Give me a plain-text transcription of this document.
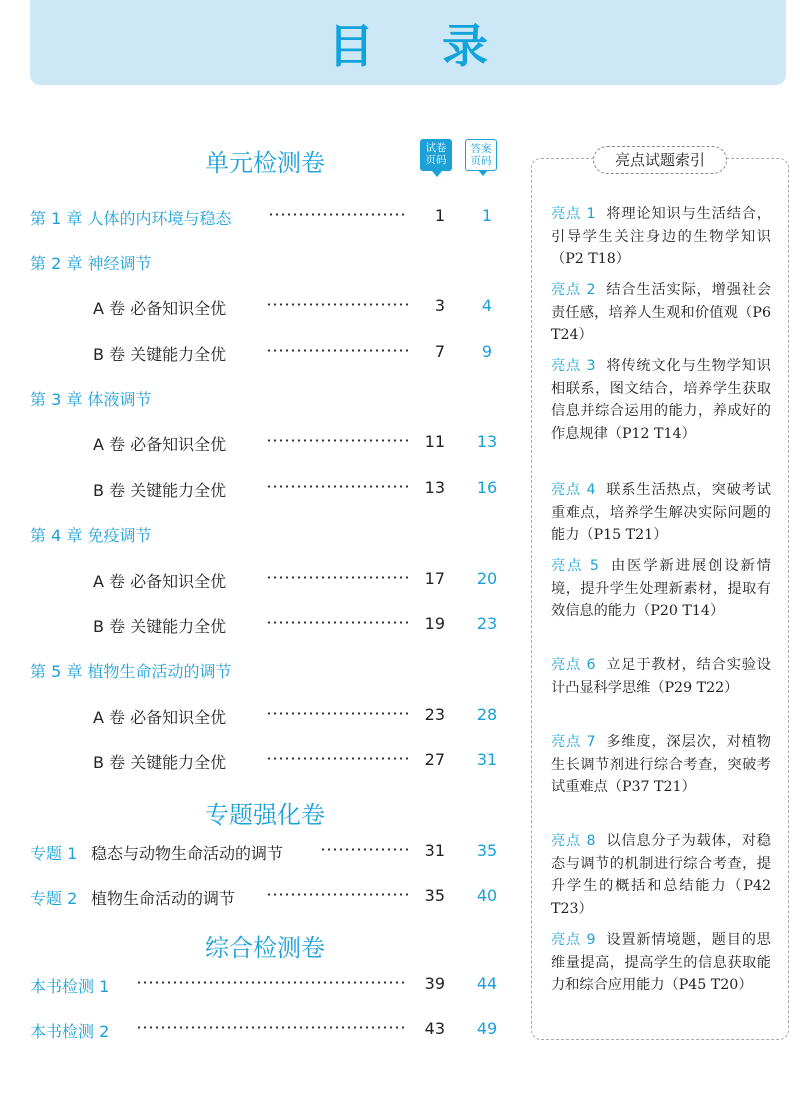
目 录
单元检测卷
试卷
页码
答案
页码
第 1 章 人体的内环境与稳态	1	1
第 2 章 神经调节
A 卷 必备知识全优	3	4
B 卷 关键能力全优	7	9
第 3 章 体液调节
A 卷 必备知识全优	11	13
B 卷 关键能力全优	13	16
第 4 章 免疫调节
A 卷 必备知识全优	17	20
B 卷 关键能力全优	19	23
第 5 章 植物生命活动的调节
A 卷 必备知识全优	23	28
B 卷 关键能力全优	27	31
专题强化卷
专题 1 稳态与动物生命活动的调节	31	35
专题 2 植物生命活动的调节	35	40
综合检测卷
本书检测 1	39	44
本书检测 2	43	49
亮点试题索引
亮点 1 将理论知识与生活结合，引导学生关注身边的生物学知识（P2 T18）
亮点 2 结合生活实际，增强社会责任感，培养人生观和价值观（P6 T24）
亮点 3 将传统文化与生物学知识相联系，图文结合，培养学生获取信息并综合运用的能力，养成好的作息规律（P12 T14）
亮点 4 联系生活热点，突破考试重难点，培养学生解决实际问题的能力（P15 T21）
亮点 5 由医学新进展创设新情境，提升学生处理新素材，提取有效信息的能力（P20 T14）
亮点 6 立足于教材，结合实验设计凸显科学思维（P29 T22）
亮点 7 多维度，深层次，对植物生长调节剂进行综合考查，突破考试重难点（P37 T21）
亮点 8 以信息分子为载体，对稳态与调节的机制进行综合考查，提升学生的概括和总结能力（P42 T23）
亮点 9 设置新情境题，题目的思维量提高，提高学生的信息获取能力和综合应用能力（P45 T20）
